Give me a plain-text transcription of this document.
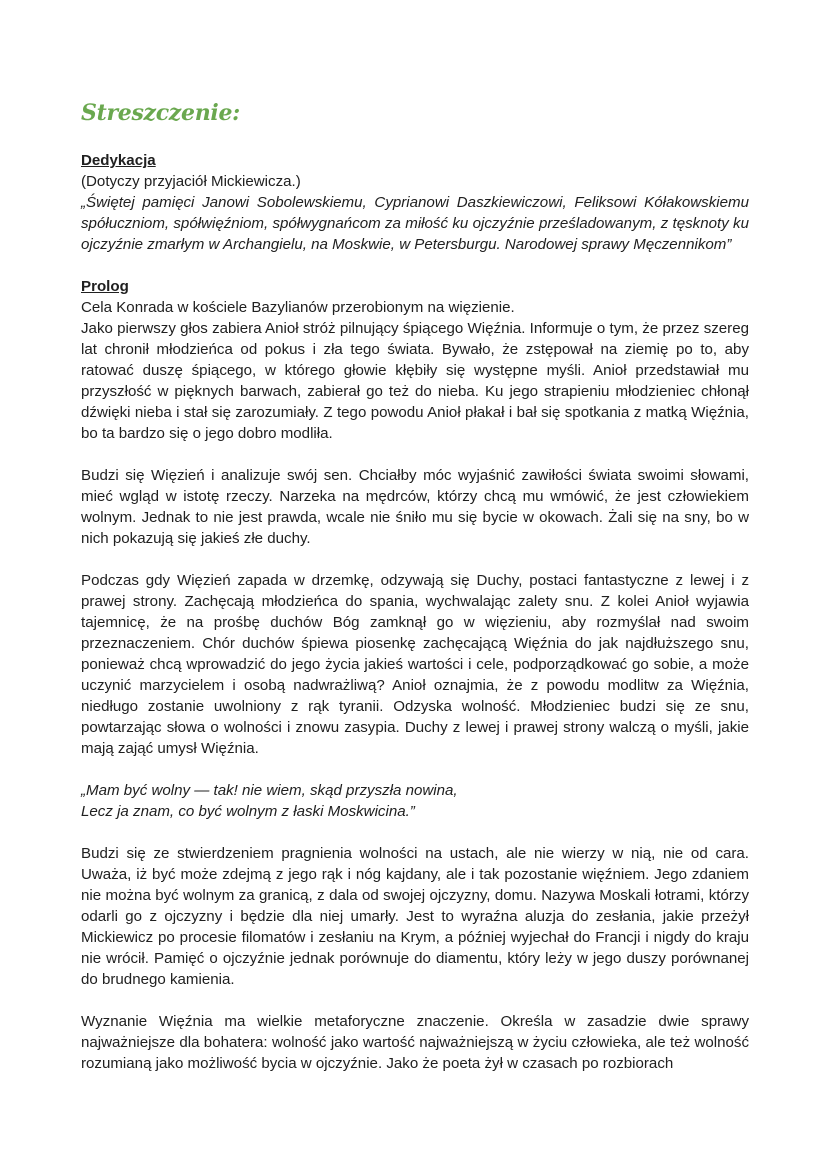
Streszczenie:

Dedykacja

(Dotyczy przyjaciół Mickiewicza.)

„Świętej pamięci Janowi Sobolewskiemu, Cyprianowi Daszkiewiczowi, Feliksowi Kółakowskiemu spółuczniom, spółwięźniom, spółwygnańcom za miłość ku ojczyźnie prześladowanym, z tęsknoty ku ojczyźnie zmarłym w Archangielu, na Moskwie, w Petersburgu. Narodowej sprawy Męczennikom”

Prolog

Cela Konrada w kościele Bazylianów przerobionym na więzienie.

Jako pierwszy głos zabiera Anioł stróż pilnujący śpiącego Więźnia. Informuje o tym, że przez szereg lat chronił młodzieńca od pokus i zła tego świata. Bywało, że zstępował na ziemię po to, aby ratować duszę śpiącego, w którego głowie kłębiły się występne myśli. Anioł przedstawiał mu przyszłość w pięknych barwach, zabierał go też do nieba. Ku jego strapieniu młodzieniec chłonął dźwięki nieba i stał się zarozumiały. Z tego powodu Anioł płakał i bał się spotkania z matką Więźnia, bo ta bardzo się o jego dobro modliła.

Budzi się Więzień i analizuje swój sen. Chciałby móc wyjaśnić zawiłości świata swoimi słowami, mieć wgląd w istotę rzeczy. Narzeka na mędrców, którzy chcą mu wmówić, że jest człowiekiem wolnym. Jednak to nie jest prawda, wcale nie śniło mu się bycie w okowach. Żali się na sny, bo w nich pokazują się jakieś złe duchy.

Podczas gdy Więzień zapada w drzemkę, odzywają się Duchy, postaci fantastyczne z lewej i z prawej strony. Zachęcają młodzieńca do spania, wychwalając zalety snu. Z kolei Anioł wyjawia tajemnicę, że na prośbę duchów Bóg zamknął go w więzieniu, aby rozmyślał nad swoim przeznaczeniem. Chór duchów śpiewa piosenkę zachęcającą Więźnia do jak najdłuższego snu, ponieważ chcą wprowadzić do jego życia jakieś wartości i cele, podporządkować go sobie, a może uczynić marzycielem i osobą nadwrażliwą? Anioł oznajmia, że z powodu modlitw za Więźnia, niedługo zostanie uwolniony z rąk tyranii. Odzyska wolność. Młodzieniec budzi się ze snu, powtarzając słowa o wolności i znowu zasypia. Duchy z lewej i prawej strony walczą o myśli, jakie mają zająć umysł Więźnia.

„Mam być wolny — tak! nie wiem, skąd przyszła nowina,

Lecz ja znam, co być wolnym z łaski Moskwicina.”

Budzi się ze stwierdzeniem pragnienia wolności na ustach, ale nie wierzy w nią, nie od cara. Uważa, iż być może zdejmą z jego rąk i nóg kajdany, ale i tak pozostanie więźniem. Jego zdaniem nie można być wolnym za granicą, z dala od swojej ojczyzny, domu. Nazywa Moskali łotrami, którzy odarli go z ojczyzny i będzie dla niej umarły. Jest to wyraźna aluzja do zesłania, jakie przeżył Mickiewicz po procesie filomatów i zesłaniu na Krym, a później wyjechał do Francji i nigdy do kraju nie wrócił. Pamięć o ojczyźnie jednak porównuje do diamentu, który leży w jego duszy porównanej do brudnego kamienia.

Wyznanie Więźnia ma wielkie metaforyczne znaczenie. Określa w zasadzie dwie sprawy najważniejsze dla bohatera: wolność jako wartość najważniejszą w życiu człowieka, ale też wolność rozumianą jako możliwość bycia w ojczyźnie. Jako że poeta żył w czasach po rozbiorach
